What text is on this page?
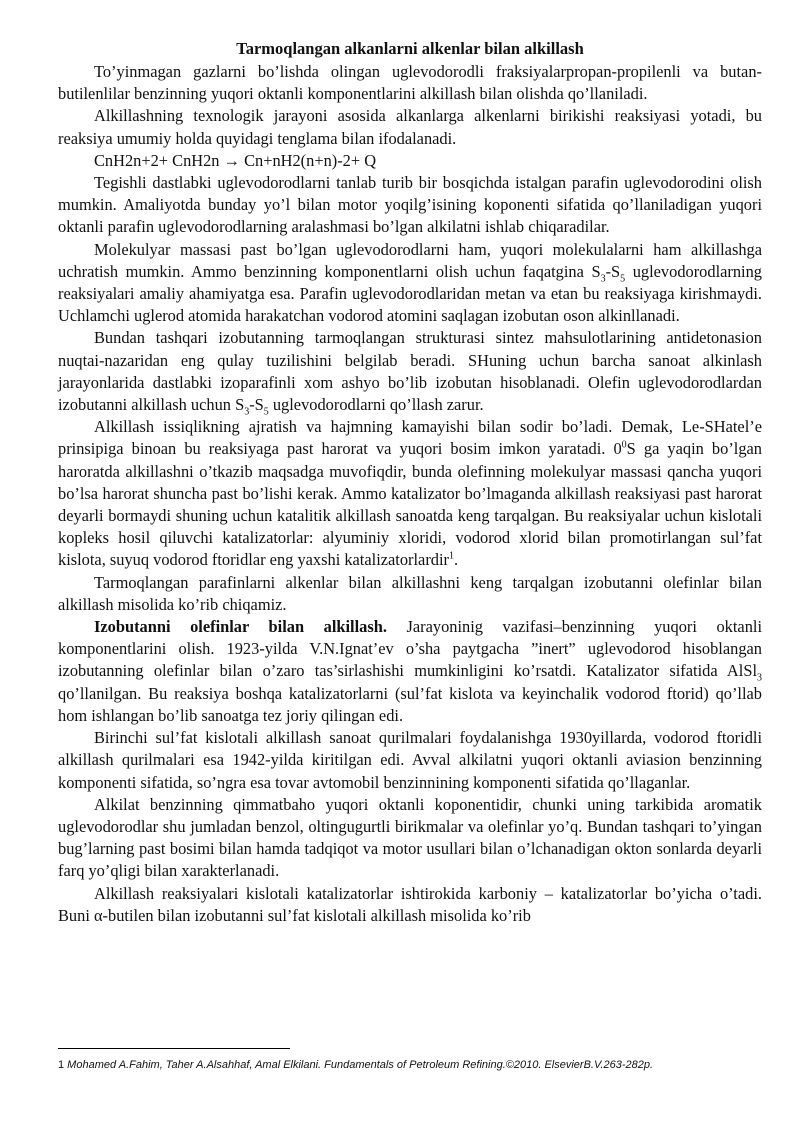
Tarmoqlangan alkanlarni alkenlar bilan alkillash

To’yinmagan gazlarni bo’lishda olingan uglevodorodli fraksiyalarpropan-propilenli va butan-butilenlilar benzinning yuqori oktanli komponentlarini alkillash bilan olishda qo’llaniladi.

Alkillashning texnologik jarayoni asosida alkanlarga alkenlarni birikishi reaksiyasi yotadi, bu reaksiya umumiy holda quyidagi tenglama bilan ifodalanadi.

CnH2n+2+ CnH2n → Cn+nH2(n+n)-2+ Q

Tegishli dastlabki uglevodorodlarni tanlab turib bir bosqichda istalgan parafin uglevodorodini olish mumkin. Amaliyotda bunday yo’l bilan motor yoqilg’isining koponenti sifatida qo’llaniladigan yuqori oktanli parafin uglevodorodlarning aralashmasi bo’lgan alkilatni ishlab chiqaradilar.

Molekulyar massasi past bo’lgan uglevodorodlarni ham, yuqori molekulalarni ham alkillashga uchratish mumkin. Ammo benzinning komponentlarni olish uchun faqatgina $S_3-S_5$ uglevodorodlarning reaksiyalari amaliy ahamiyatga esa. Parafin uglevodorodlaridan metan va etan bu reaksiyaga kirishmaydi. Uchlamchi uglerod atomida harakatchan vodorod atomini saqlagan izobutan oson alkinllanadi.

Bundan tashqari izobutanning tarmoqlangan strukturasi sintez mahsulotlarining antidetonasion nuqtai-nazaridan eng qulay tuzilishini belgilab beradi. SHuning uchun barcha sanoat alkinlash jarayonlarida dastlabki izoparafinli xom ashyo bo’lib izobutan hisoblanadi. Olefin uglevodorodlardan izobutanni alkillash uchun $S_3-S_5$ uglevodorodlarni qo’llash zarur.

Alkillash issiqlikning ajratish va hajmning kamayishi bilan sodir bo’ladi. Demak, Le-SHatel’e prinsipiga binoan bu reaksiyaga past harorat va yuqori bosim imkon yaratadi. $0^0S$ ga yaqin bo’lgan haroratda alkillashni o’tkazib maqsadga muvofiqdir, bunda olefinning molekulyar massasi qancha yuqori bo’lsa harorat shuncha past bo’lishi kerak. Ammo katalizator bo’lmaganda alkillash reaksiyasi past harorat deyarli bormaydi shuning uchun katalitik alkillash sanoatda keng tarqalgan. Bu reaksiyalar uchun kislotali kopleks hosil qiluvchi katalizatorlar: alyuminiy xloridi, vodorod xlorid bilan promotirlangan sul’fat kislota, suyuq vodorod ftoridlar eng yaxshi katalizatorlardir$^1$.

Tarmoqlangan parafinlarni alkenlar bilan alkillashni keng tarqalgan izobutanni olefinlar bilan alkillash misolida ko’rib chiqamiz.

Izobutanni olefinlar bilan alkillash. Jarayoninig vazifasi–benzinning yuqori oktanli komponentlarini olish. 1923-yilda V.N.Ignat’ev o’sha paytgacha ”inert” uglevodorod hisoblangan izobutanning olefinlar bilan o’zaro tas’sirlashishi mumkinligini ko’rsatdi. Katalizator sifatida AlSl$_3$ qo’llanilgan. Bu reaksiya boshqa katalizatorlarni (sul’fat kislota va keyinchalik vodorod ftorid) qo’llab hom ishlangan bo’lib sanoatga tez joriy qilingan edi.

Birinchi sul’fat kislotali alkillash sanoat qurilmalari foydalanishga 1930yillarda, vodorod ftoridli alkillash qurilmalari esa 1942-yilda kiritilgan edi. Avval alkilatni yuqori oktanli aviasion benzinning komponenti sifatida, so’ngra esa tovar avtomobil benzinnining komponenti sifatida qo’llaganlar.

Alkilat benzinning qimmatbaho yuqori oktanli koponentidir, chunki uning tarkibida aromatik uglevodorodlar shu jumladan benzol, oltingugurtli birikmalar va olefinlar yo’q. Bundan tashqari to’yingan bug’larning past bosimi bilan hamda tadqiqot va motor usullari bilan o’lchanadigan okton sonlarda deyarli farq yo’qligi bilan xarakterlanadi.

Alkillash reaksiyalari kislotali katalizatorlar ishtirokida karboniy – katalizatorlar bo’yicha o’tadi. Buni α-butilen bilan izobutanni sul’fat kislotali alkillash misolida ko’rib

1 Mohamed A.Fahim, Taher A.Alsahhaf, Amal Elkilani. Fundamentals of Petroleum Refining.©2010. ElsevierB.V.263-282p.
